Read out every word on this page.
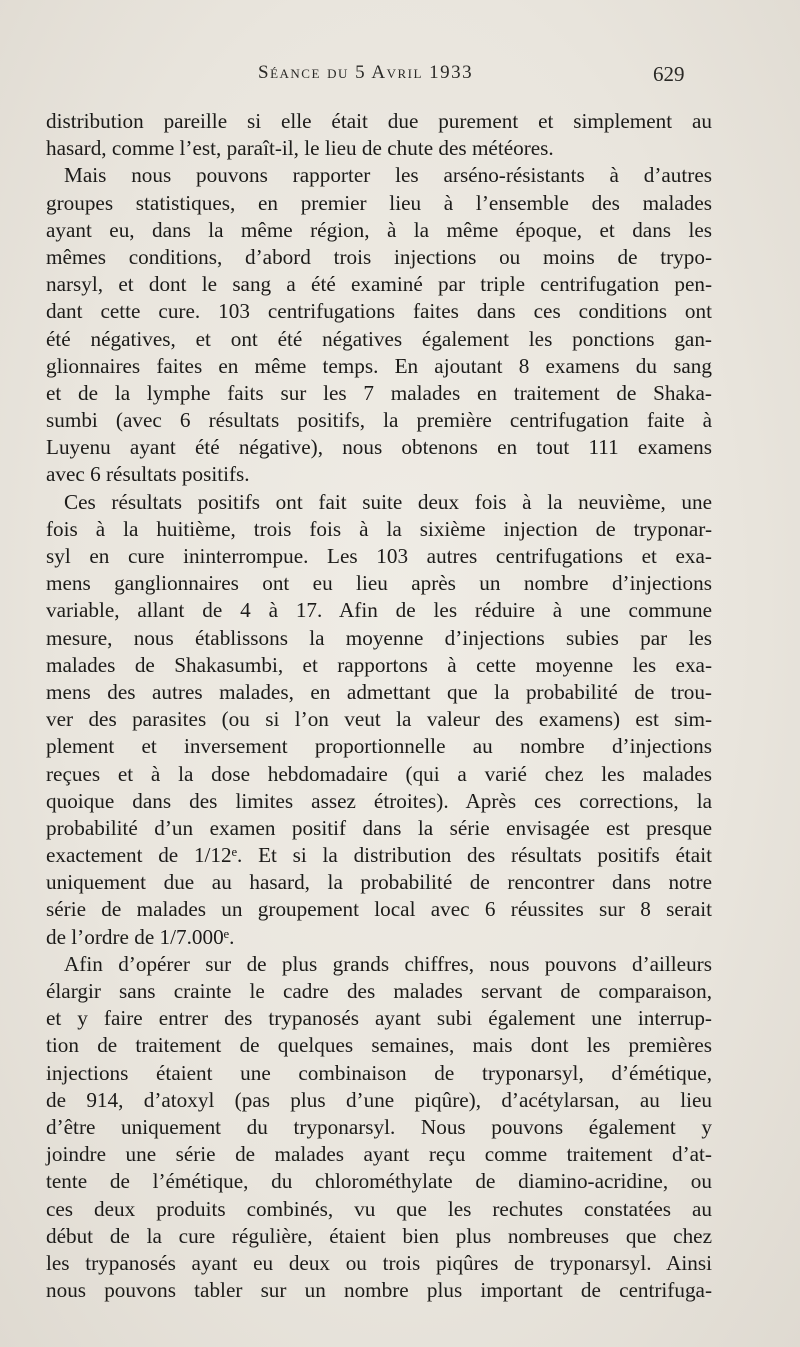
Séance du 5 Avril 1933	629
distribution pareille si elle était due purement et simplement au
hasard, comme l’est, paraît-il, le lieu de chute des météores.
Mais nous pouvons rapporter les arséno-résistants à d’autres
groupes statistiques, en premier lieu à l’ensemble des malades
ayant eu, dans la même région, à la même époque, et dans les
mêmes conditions, d’abord trois injections ou moins de trypo-
narsyl, et dont le sang a été examiné par triple centrifugation pen-
dant cette cure. 103 centrifugations faites dans ces conditions ont
été négatives, et ont été négatives également les ponctions gan-
glionnaires faites en même temps. En ajoutant 8 examens du sang
et de la lymphe faits sur les 7 malades en traitement de Shaka-
sumbi (avec 6 résultats positifs, la première centrifugation faite à
Luyenu ayant été négative), nous obtenons en tout 111 examens
avec 6 résultats positifs.
Ces résultats positifs ont fait suite deux fois à la neuvième, une
fois à la huitième, trois fois à la sixième injection de tryponar-
syl en cure ininterrompue. Les 103 autres centrifugations et exa-
mens ganglionnaires ont eu lieu après un nombre d’injections
variable, allant de 4 à 17. Afin de les réduire à une commune
mesure, nous établissons la moyenne d’injections subies par les
malades de Shakasumbi, et rapportons à cette moyenne les exa-
mens des autres malades, en admettant que la probabilité de trou-
ver des parasites (ou si l’on veut la valeur des examens) est sim-
plement et inversement proportionnelle au nombre d’injections
reçues et à la dose hebdomadaire (qui a varié chez les malades
quoique dans des limites assez étroites). Après ces corrections, la
probabilité d’un examen positif dans la série envisagée est presque
exactement de 1/12ᵉ. Et si la distribution des résultats positifs était
uniquement due au hasard, la probabilité de rencontrer dans notre
série de malades un groupement local avec 6 réussites sur 8 serait
de l’ordre de 1/7.000ᵉ.
Afin d’opérer sur de plus grands chiffres, nous pouvons d’ailleurs
élargir sans crainte le cadre des malades servant de comparaison,
et y faire entrer des trypanosés ayant subi également une interrup-
tion de traitement de quelques semaines, mais dont les premières
injections étaient une combinaison de tryponarsyl, d’émétique,
de 914, d’atoxyl (pas plus d’une piqûre), d’acétylarsan, au lieu
d’être uniquement du tryponarsyl. Nous pouvons également y
joindre une série de malades ayant reçu comme traitement d’at-
tente de l’émétique, du chlorométhylate de diamino-acridine, ou
ces deux produits combinés, vu que les rechutes constatées au
début de la cure régulière, étaient bien plus nombreuses que chez
les trypanosés ayant eu deux ou trois piqûres de tryponarsyl. Ainsi
nous pouvons tabler sur un nombre plus important de centrifuga-
